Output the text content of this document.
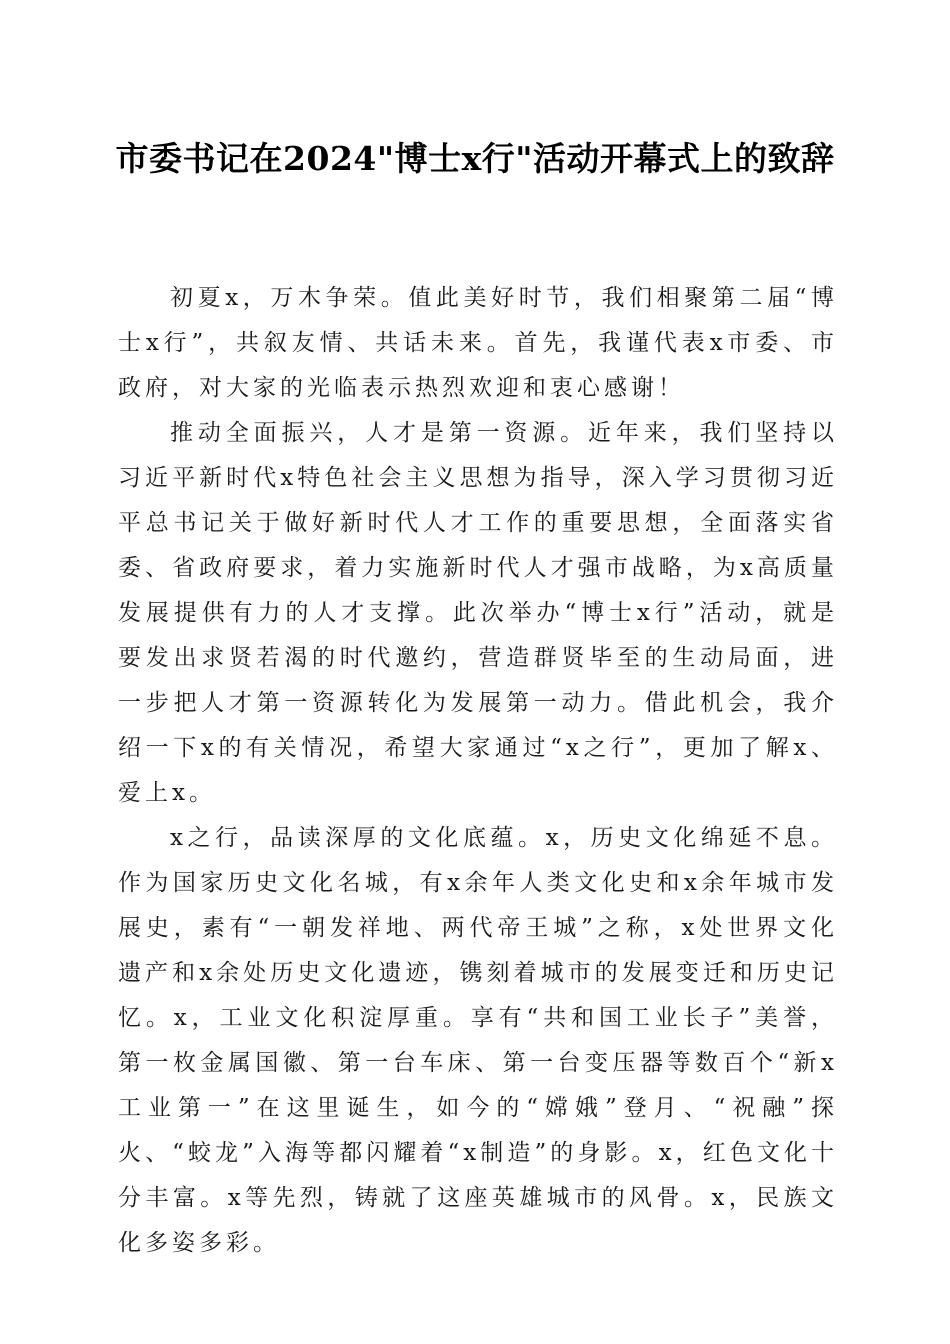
市委书记在2024"博士x行"活动开幕式上的致辞

初夏x，万木争荣。值此美好时节，我们相聚第二届“博士x行”，共叙友情、共话未来。首先，我谨代表x市委、市政府，对大家的光临表示热烈欢迎和衷心感谢！

推动全面振兴，人才是第一资源。近年来，我们坚持以习近平新时代x特色社会主义思想为指导，深入学习贯彻习近平总书记关于做好新时代人才工作的重要思想，全面落实省委、省政府要求，着力实施新时代人才强市战略，为x高质量发展提供有力的人才支撑。此次举办“博士x行”活动，就是要发出求贤若渴的时代邀约，营造群贤毕至的生动局面，进一步把人才第一资源转化为发展第一动力。借此机会，我介绍一下x的有关情况，希望大家通过“x之行”，更加了解x、爱上x。

x之行，品读深厚的文化底蕴。x，历史文化绵延不息。作为国家历史文化名城，有x余年人类文化史和x余年城市发展史，素有“一朝发祥地、两代帝王城”之称，x处世界文化遗产和x余处历史文化遗迹，镌刻着城市的发展变迁和历史记忆。x，工业文化积淀厚重。享有“共和国工业长子”美誉，第一枚金属国徽、第一台车床、第一台变压器等数百个“新x工业第一”在这里诞生，如今的“嫦娥”登月、“祝融”探火、“蛟龙”入海等都闪耀着“x制造”的身影。x，红色文化十分丰富。x等先烈，铸就了这座英雄城市的风骨。x，民族文化多姿多彩。
